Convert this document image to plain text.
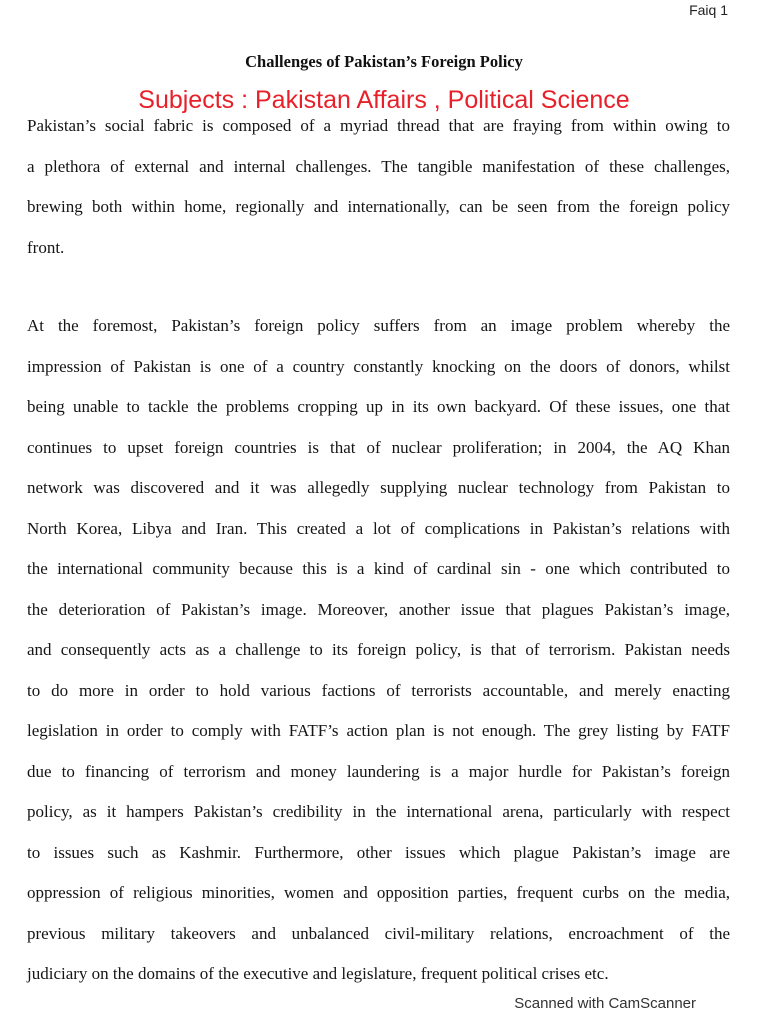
Faiq 1
Challenges of Pakistan’s Foreign Policy
Subjects : Pakistan Affairs , Political Science
Pakistan’s social fabric is composed of a myriad thread that are fraying from within owing to
a plethora of external and internal challenges. The tangible manifestation of these challenges,
brewing both within home, regionally and internationally, can be seen from the foreign policy
front.
At the foremost, Pakistan’s foreign policy suffers from an image problem whereby the
impression of Pakistan is one of a country constantly knocking on the doors of donors, whilst
being unable to tackle the problems cropping up in its own backyard. Of these issues, one that
continues to upset foreign countries is that of nuclear proliferation; in 2004, the AQ Khan
network was discovered and it was allegedly supplying nuclear technology from Pakistan to
North Korea, Libya and Iran. This created a lot of complications in Pakistan’s relations with
the international community because this is a kind of cardinal sin - one which contributed to
the deterioration of Pakistan’s image. Moreover, another issue that plagues Pakistan’s image,
and consequently acts as a challenge to its foreign policy, is that of terrorism. Pakistan needs
to do more in order to hold various factions of terrorists accountable, and merely enacting
legislation in order to comply with FATF’s action plan is not enough. The grey listing by FATF
due to financing of terrorism and money laundering is a major hurdle for Pakistan’s foreign
policy, as it hampers Pakistan’s credibility in the international arena, particularly with respect
to issues such as Kashmir. Furthermore, other issues which plague Pakistan’s image are
oppression of religious minorities, women and opposition parties, frequent curbs on the media,
previous military takeovers and unbalanced civil-military relations, encroachment of the
judiciary on the domains of the executive and legislature, frequent political crises etc.
Scanned with CamScanner
